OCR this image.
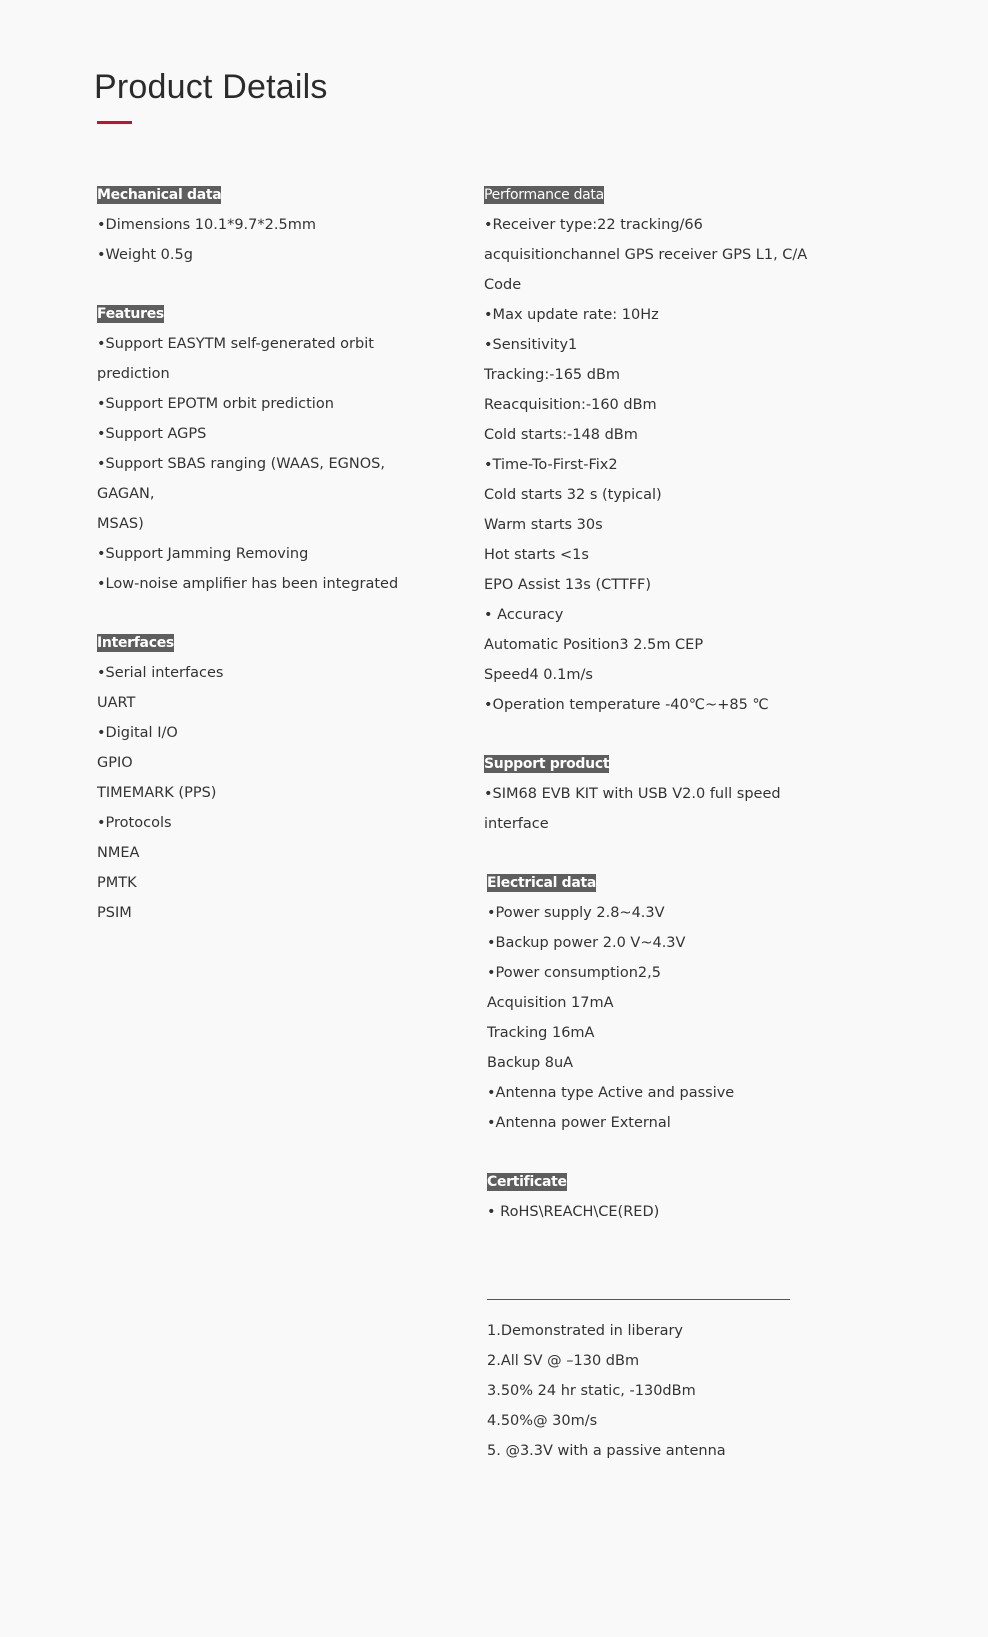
Product Details
Mechanical data
•Dimensions 10.1*9.7*2.5mm
•Weight 0.5g
Features
•Support EASYTM self-generated orbit
prediction
•Support EPOTM orbit prediction
•Support AGPS
•Support SBAS ranging (WAAS, EGNOS,
GAGAN,
MSAS)
•Support Jamming Removing
•Low-noise amplifier has been integrated
Interfaces
•Serial interfaces
UART
•Digital I/O
GPIO
TIMEMARK (PPS)
•Protocols
NMEA
PMTK
PSIM
Performance data
•Receiver type:22 tracking/66
acquisitionchannel GPS receiver GPS L1, C/A
Code
•Max update rate: 10Hz
•Sensitivity1
Tracking:-165 dBm
Reacquisition:-160 dBm
Cold starts:-148 dBm
•Time-To-First-Fix2
Cold starts 32 s (typical)
Warm starts 30s
Hot starts <1s
EPO Assist 13s (CTTFF)
• Accuracy
Automatic Position3 2.5m CEP
Speed4 0.1m/s
•Operation temperature -40℃~+85 ℃
Support product
•SIM68 EVB KIT with USB V2.0 full speed
interface
Electrical data
•Power supply 2.8~4.3V
•Backup power 2.0 V~4.3V
•Power consumption2,5
Acquisition 17mA
Tracking 16mA
Backup 8uA
•Antenna type Active and passive
•Antenna power External
Certificate
• RoHS\REACH\CE(RED)
1.Demonstrated in liberary
2.All SV @ –130 dBm
3.50% 24 hr static, -130dBm
4.50%@ 30m/s
5. @3.3V with a passive antenna
